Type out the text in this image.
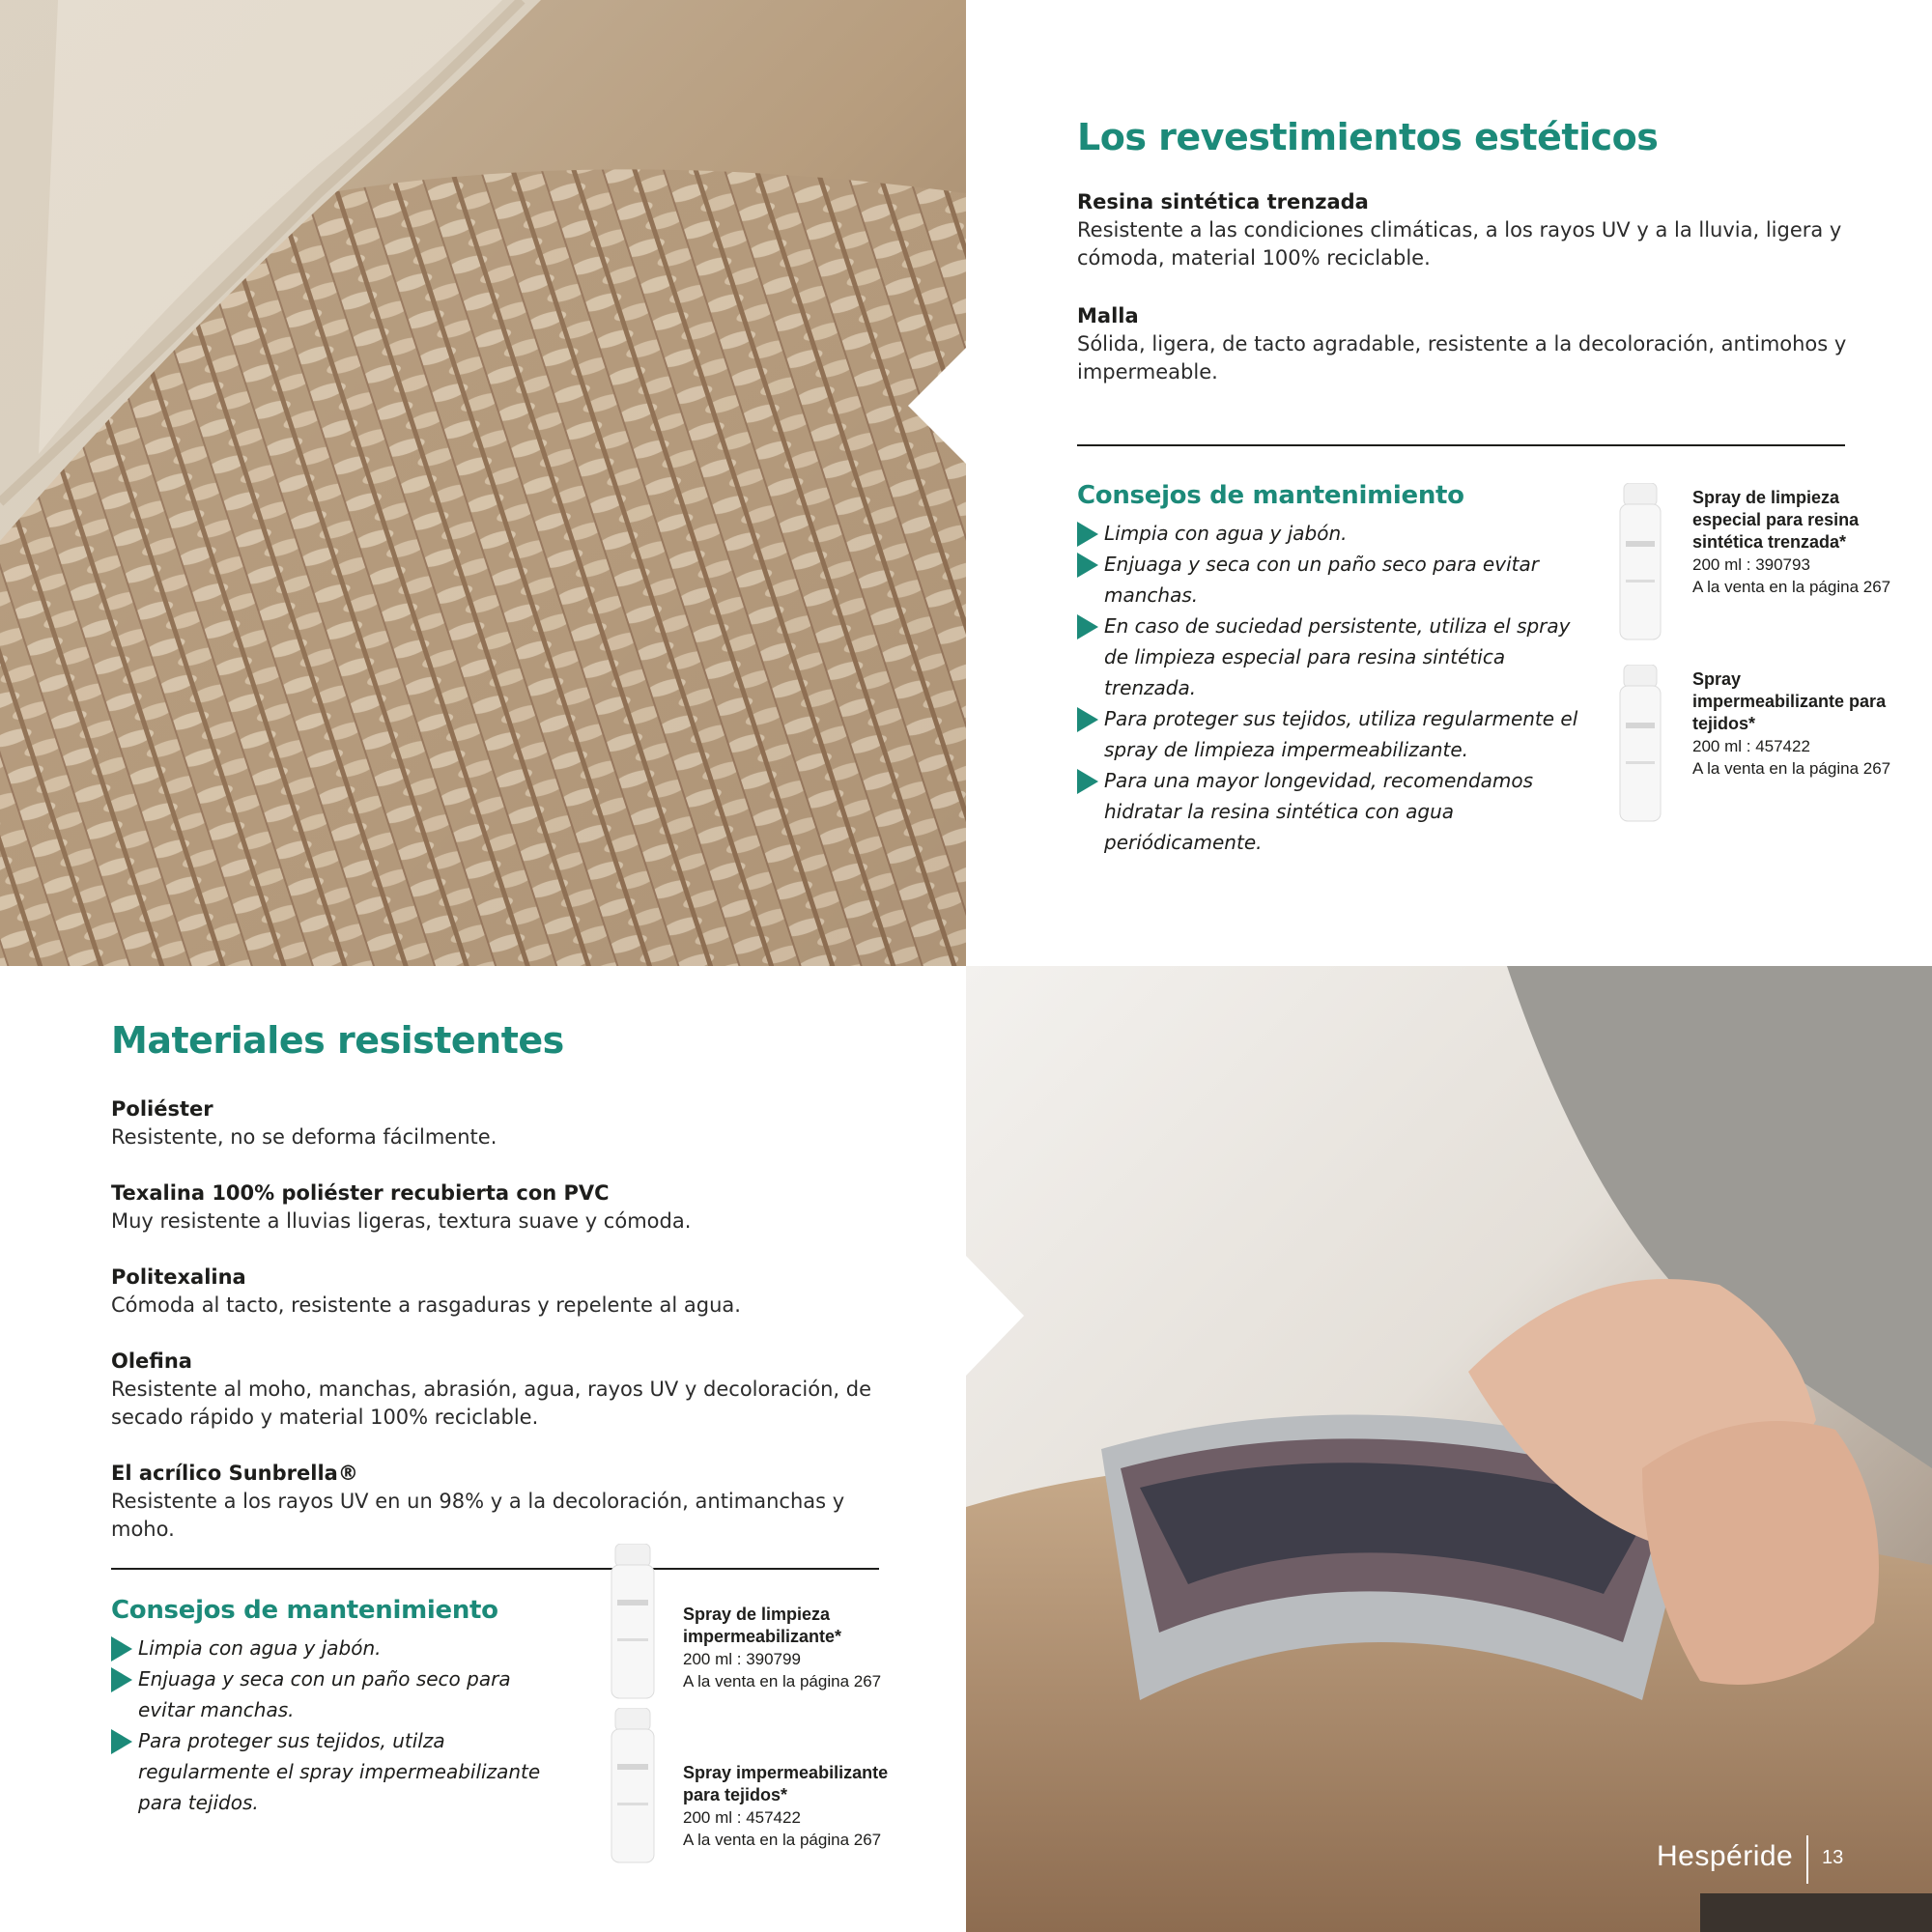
Los revestimientos estéticos
Resina sintética trenzada
Resistente a las condiciones climáticas, a los rayos UV y a la lluvia, ligera y cómoda, material 100% reciclable.
Malla
Sólida, ligera, de tacto agradable, resistente a la decoloración, antimohos y impermeable.
Consejos de mantenimiento
Limpia con agua y jabón.
Enjuaga y seca con un paño seco para evitar manchas.
En caso de suciedad persistente, utiliza el spray de limpieza especial para resina sintética trenzada.
Para proteger sus tejidos, utiliza regularmente el spray de limpieza impermeabilizante.
Para una mayor longevidad, recomendamos hidratar la resina sintética con agua periódicamente.
Spray de limpieza especial para resina sintética trenzada*
200 ml : 390793
A la venta en la página 267
Spray impermeabilizante para tejidos*
200 ml : 457422
A la venta en la página 267
Materiales resistentes
Poliéster
Resistente, no se deforma fácilmente.
Texalina 100% poliéster recubierta con PVC
Muy resistente a lluvias ligeras, textura suave y cómoda.
Politexalina
Cómoda al tacto, resistente a rasgaduras y repelente al agua.
Olefina
Resistente al moho, manchas, abrasión, agua, rayos UV y decoloración, de secado rápido y material 100% reciclable.
El acrílico Sunbrella®
Resistente a los rayos UV en un 98% y a la decoloración, antimanchas y moho.
Consejos de mantenimiento
Limpia con agua y jabón.
Enjuaga y seca con un paño seco para evitar manchas.
Para proteger sus tejidos, utilza regularmente el spray impermeabilizante para tejidos.
Spray de limpieza impermeabilizante*
200 ml : 390799
A la venta en la página 267
Spray impermeabilizante para tejidos*
200 ml : 457422
A la venta en la página 267
Hespéride 13
